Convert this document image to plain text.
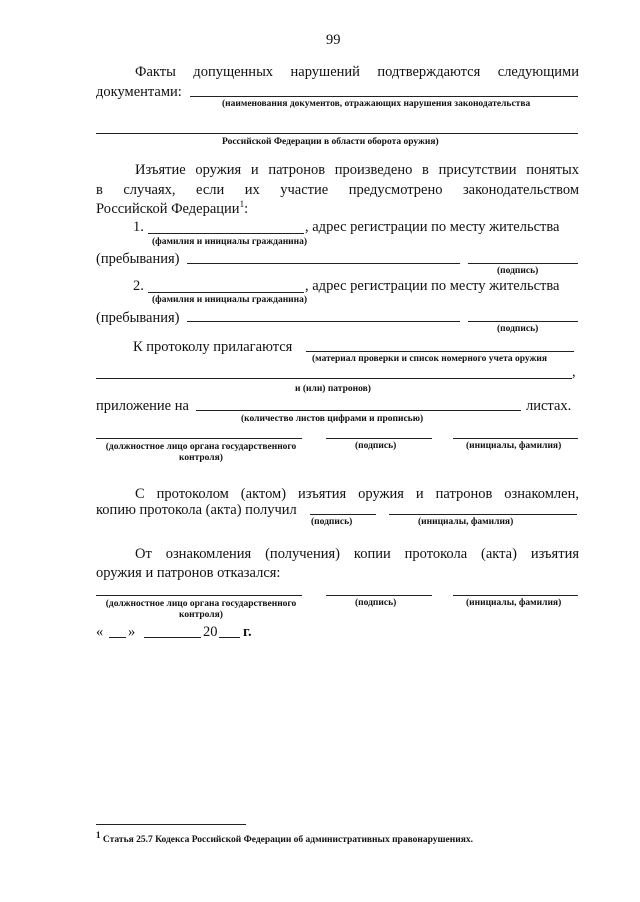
99
Факты допущенных нарушений подтверждаются следующими
документами:
(наименования документов, отражающих нарушения законодательства
Российской Федерации в области оборота оружия)
Изъятие оружия и патронов произведено в присутствии понятых
в случаях, если их участие предусмотрено законодательством
Российской Федерации$^1$:
1.	, адрес регистрации по месту жительства
(фамилия и инициалы гражданина)
(пребывания)
(подпись)
2.	, адрес регистрации по месту жительства
(фамилия и инициалы гражданина)
(пребывания)
(подпись)
К протоколу прилагаются
(материал проверки и список номерного учета оружия
,
и (или) патронов)
приложение на	листах.
(количество листов цифрами и прописью)
(должностное лицо органа государственного контроля)
(подпись)	(инициалы, фамилия)
С протоколом (актом) изъятия оружия и патронов ознакомлен,
копию протокола (акта) получил
(подпись)	(инициалы, фамилия)
От ознакомления (получения) копии протокола (акта) изъятия
оружия и патронов отказался:
(должностное лицо органа государственного контроля)
(подпись)	(инициалы, фамилия)
« »	20 г.
$^1$ Статья 25.7 Кодекса Российской Федерации об административных правонарушениях.
